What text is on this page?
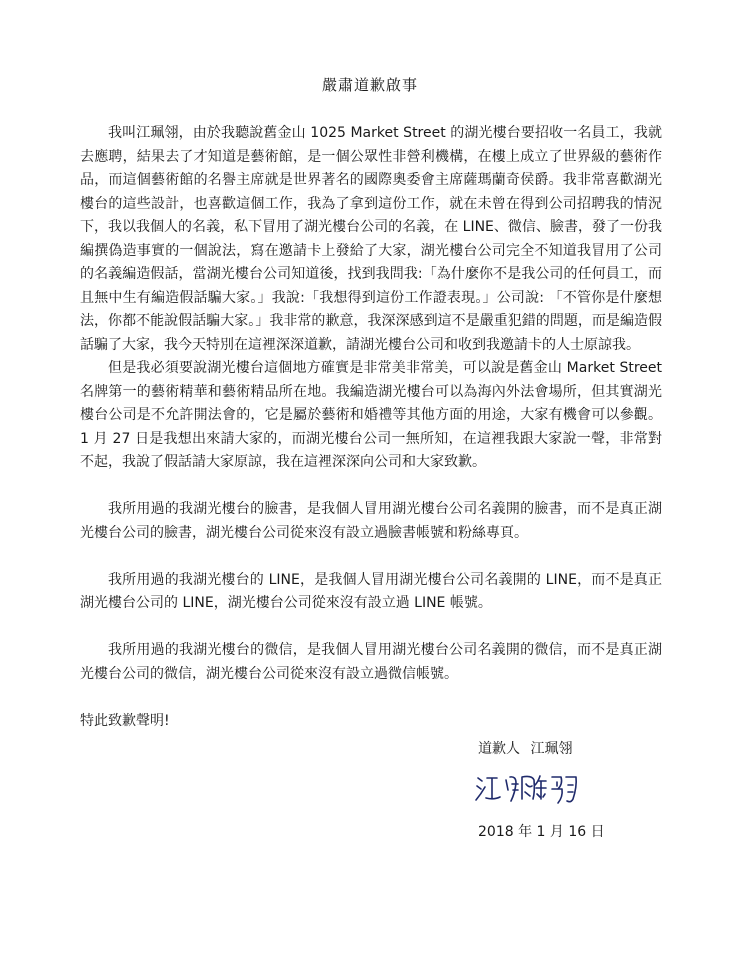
嚴肅道歉啟事

我叫江珮翎，由於我聽說舊金山 1025 Market Street 的湖光樓台要招收一名員工，我就去應聘，結果去了才知道是藝術館，是一個公眾性非營利機構，在樓上成立了世界級的藝術作品，而這個藝術館的名譽主席就是世界著名的國際奧委會主席薩瑪蘭奇侯爵。我非常喜歡湖光樓台的這些設計，也喜歡這個工作，我為了拿到這份工作，就在未曾在得到公司招聘我的情況下，我以我個人的名義，私下冒用了湖光樓台公司的名義，在 LINE、微信、臉書，發了一份我編撰偽造事實的一個說法，寫在邀請卡上發給了大家，湖光樓台公司完全不知道我冒用了公司的名義編造假話，當湖光樓台公司知道後，找到我問我:「為什麼你不是我公司的任何員工，而且無中生有編造假話騙大家。」我說:「我想得到這份工作證表現。」公司說: 「不管你是什麼想法，你都不能說假話騙大家。」我非常的歉意，我深深感到這不是嚴重犯錯的問題，而是編造假話騙了大家，我今天特別在這裡深深道歉，請湖光樓台公司和收到我邀請卡的人士原諒我。

但是我必須要說湖光樓台這個地方確實是非常美非常美，可以說是舊金山 Market Street 名牌第一的藝術精華和藝術精品所在地。我編造湖光樓台可以為海內外法會場所，但其實湖光樓台公司是不允許開法會的，它是屬於藝術和婚禮等其他方面的用途，大家有機會可以參觀。1 月 27 日是我想出來請大家的，而湖光樓台公司一無所知，在這裡我跟大家說一聲，非常對不起，我說了假話請大家原諒，我在這裡深深向公司和大家致歉。

我所用過的我湖光樓台的臉書，是我個人冒用湖光樓台公司名義開的臉書，而不是真正湖光樓台公司的臉書，湖光樓台公司從來沒有設立過臉書帳號和粉絲專頁。

我所用過的我湖光樓台的 LINE，是我個人冒用湖光樓台公司名義開的 LINE，而不是真正湖光樓台公司的 LINE，湖光樓台公司從來沒有設立過 LINE 帳號。

我所用過的我湖光樓台的微信，是我個人冒用湖光樓台公司名義開的微信，而不是真正湖光樓台公司的微信，湖光樓台公司從來沒有設立過微信帳號。

特此致歉聲明!

道歉人 江珮翎
2018 年 1 月 16 日
